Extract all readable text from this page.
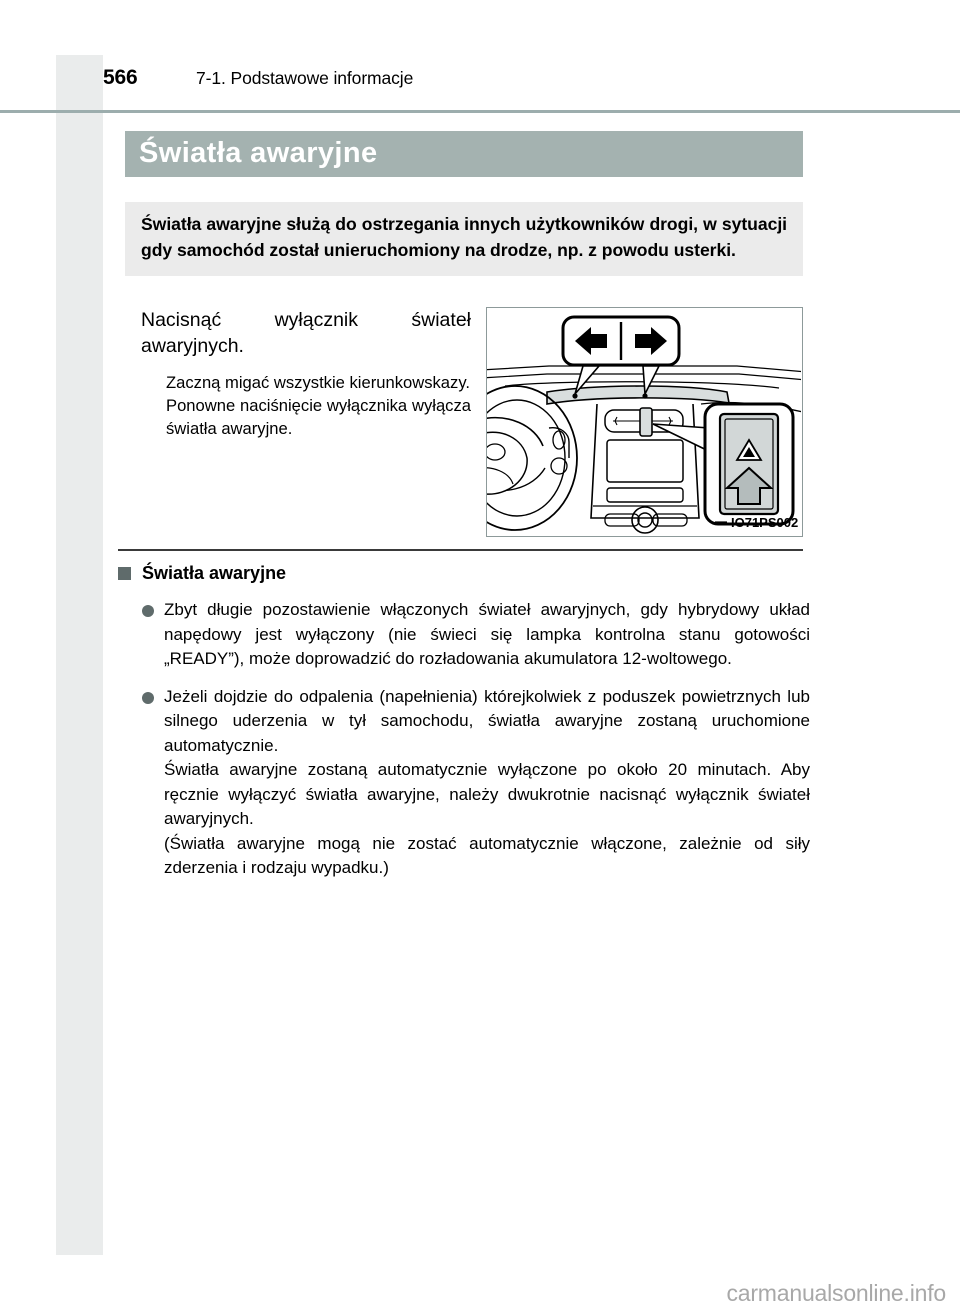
566	7-1. Podstawowe informacje
Światła awaryjne

Światła awaryjne służą do ostrzegania innych użytkowników drogi, w sytuacji gdy samochód został unieruchomiony na drodze, np. z powodu usterki.

Nacisnąć wyłącznik świateł awaryjnych.

Zaczną migać wszystkie kierunkowskazy.

Ponowne naciśnięcie wyłącznika wyłącza światła awaryjne.

IO71PS002
Światła awaryjne

Zbyt długie pozostawienie włączonych świateł awaryjnych, gdy hybrydowy układ napędowy jest wyłączony (nie świeci się lampka kontrolna stanu gotowości „READY”), może doprowadzić do rozładowania akumulatora 12-woltowego.

Jeżeli dojdzie do odpalenia (napełnienia) którejkolwiek z poduszek powietrznych lub silnego uderzenia w tył samochodu, światła awaryjne zostaną uruchomione automatycznie.

Światła awaryjne zostaną automatycznie wyłączone po około 20 minutach. Aby ręcznie wyłączyć światła awaryjne, należy dwukrotnie nacisnąć wyłącznik świateł awaryjnych.

(Światła awaryjne mogą nie zostać automatycznie włączone, zależnie od siły zderzenia i rodzaju wypadku.)

carmanualsonline.info
